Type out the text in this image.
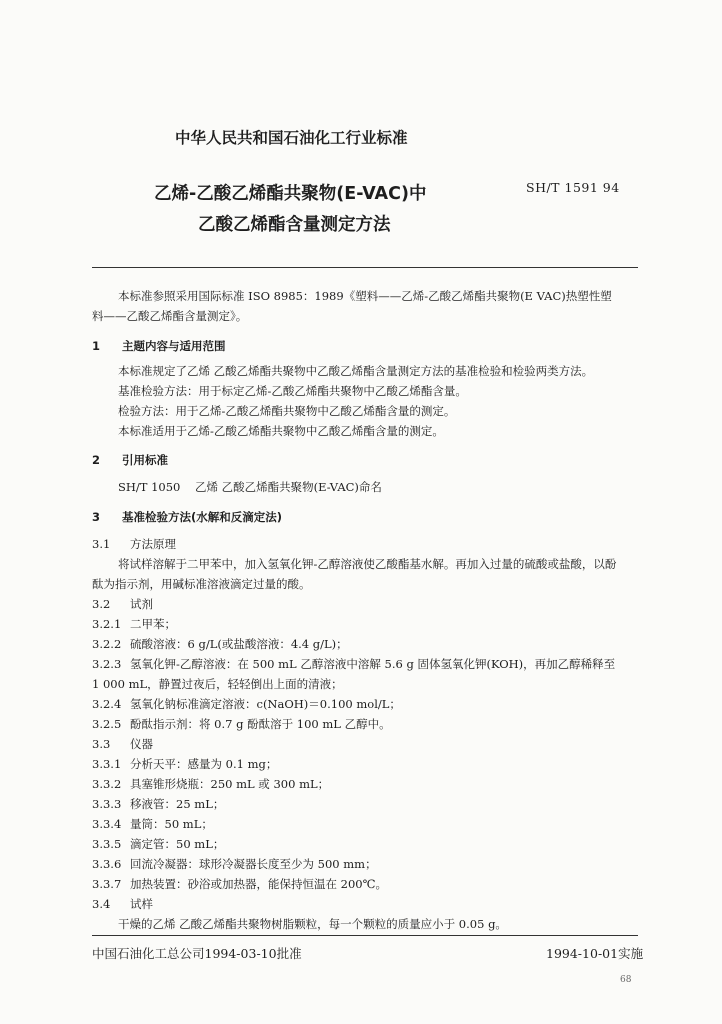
中华人民共和国石油化工行业标准
乙烯-乙酸乙烯酯共聚物(E-VAC)中
乙酸乙烯酯含量测定方法
SH/T 1591 94
本标准参照采用国际标准 ISO 8985：1989《塑料——乙烯-乙酸乙烯酯共聚物(E VAC)热塑性塑
料——乙酸乙烯酯含量测定》。
1 主题内容与适用范围
本标准规定了乙烯 乙酸乙烯酯共聚物中乙酸乙烯酯含量测定方法的基准检验和检验两类方法。
基准检验方法：用于标定乙烯-乙酸乙烯酯共聚物中乙酸乙烯酯含量。
检验方法：用于乙烯-乙酸乙烯酯共聚物中乙酸乙烯酯含量的测定。
本标准适用于乙烯-乙酸乙烯酯共聚物中乙酸乙烯酯含量的测定。
2 引用标准
SH/T 1050 乙烯 乙酸乙烯酯共聚物(E-VAC)命名
3 基准检验方法(水解和反滴定法)
3.1 方法原理
将试样溶解于二甲苯中，加入氢氧化钾-乙醇溶液使乙酸酯基水解。再加入过量的硫酸或盐酸，以酚
酞为指示剂，用碱标准溶液滴定过量的酸。
3.2 试剂
3.2.1 二甲苯；
3.2.2 硫酸溶液：6 g/L(或盐酸溶液：4.4 g/L)；
3.2.3 氢氧化钾-乙醇溶液：在 500 mL 乙醇溶液中溶解 5.6 g 固体氢氧化钾(KOH)，再加乙醇稀释至
1 000 mL，静置过夜后，轻轻倒出上面的清液；
3.2.4 氢氧化钠标准滴定溶液：c(NaOH)＝0.100 mol/L；
3.2.5 酚酞指示剂：将 0.7 g 酚酞溶于 100 mL 乙醇中。
3.3 仪器
3.3.1 分析天平：感量为 0.1 mg；
3.3.2 具塞锥形烧瓶：250 mL 或 300 mL；
3.3.3 移液管：25 mL；
3.3.4 量筒：50 mL；
3.3.5 滴定管：50 mL；
3.3.6 回流冷凝器：球形冷凝器长度至少为 500 mm；
3.3.7 加热装置：砂浴或加热器，能保持恒温在 200℃。
3.4 试样
干燥的乙烯 乙酸乙烯酯共聚物树脂颗粒，每一个颗粒的质量应小于 0.05 g。
中国石油化工总公司1994-03-10批准	1994-10-01实施
68
